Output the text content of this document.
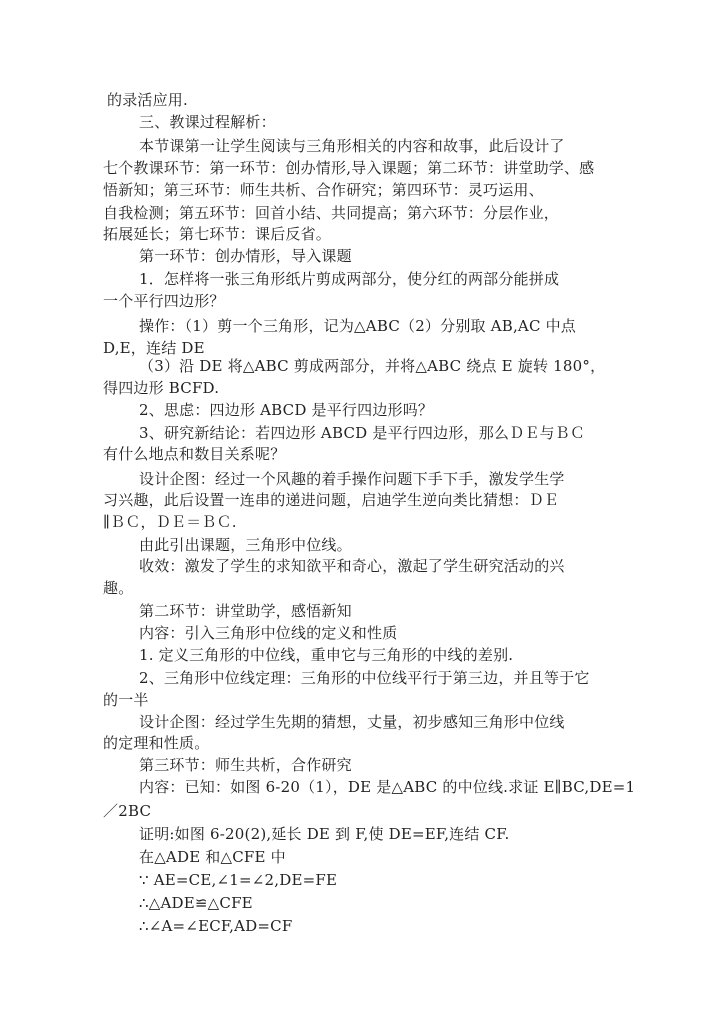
的录活应用.
三、教课过程解析：
本节课第一让学生阅读与三角形相关的内容和故事，此后设计了
七个教课环节：第一环节：创办情形,导入课题；第二环节：讲堂助学、感
悟新知；第三环节：师生共析、合作研究；第四环节：灵巧运用、
自我检测；第五环节：回首小结、共同提高；第六环节：分层作业，
拓展延长；第七环节：课后反省。
第一环节：创办情形，导入课题
1．怎样将一张三角形纸片剪成两部分，使分红的两部分能拼成
一个平行四边形？
操作：（1）剪一个三角形，记为△ABC（2）分别取 AB,AC 中点
D,E，连结 DE
（3）沿 DE 将△ABC 剪成两部分，并将△ABC 绕点 E 旋转 180°，
得四边形 BCFD.
2、思虑：四边形 ABCD 是平行四边形吗？
3、研究新结论：若四边形 ABCD 是平行四边形，那么ＤＥ与ＢＣ
有什么地点和数目关系呢？
设计企图：经过一个风趣的着手操作问题下手下手，激发学生学
习兴趣，此后设置一连串的递进问题，启迪学生逆向类比猜想：ＤＥ
∥ＢＣ，ＤＥ＝ＢＣ.
由此引出课题，三角形中位线。
收效：激发了学生的求知欲平和奇心，激起了学生研究活动的兴
趣。
第二环节：讲堂助学，感悟新知
内容：引入三角形中位线的定义和性质
1. 定义三角形的中位线，重申它与三角形的中线的差别.
2、三角形中位线定理：三角形的中位线平行于第三边，并且等于它
的一半
设计企图：经过学生先期的猜想，丈量，初步感知三角形中位线
的定理和性质。
第三环节：师生共析，合作研究
内容：已知：如图 6-20（1），DE 是△ABC 的中位线.求证 E∥BC,DE=1
／2BC
证明:如图 6-20(2),延长 DE 到 F,使 DE=EF,连结 CF.
在△ADE 和△CFE 中
∵ AE=CE,∠1=∠2,DE=FE
∴△ADE≌△CFE
∴∠A=∠ECF,AD=CF
